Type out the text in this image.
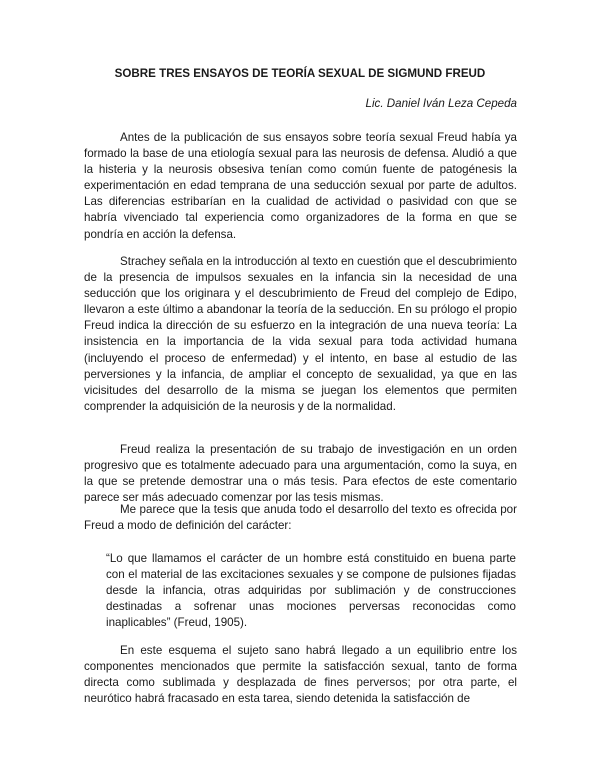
SOBRE TRES ENSAYOS DE TEORÍA SEXUAL DE SIGMUND FREUD

Lic. Daniel Iván Leza Cepeda

Antes de la publicación de sus ensayos sobre teoría sexual Freud había ya formado la base de una etiología sexual para las neurosis de defensa. Aludió a que la histeria y la neurosis obsesiva tenían como común fuente de patogénesis la experimentación en edad temprana de una seducción sexual por parte de adultos. Las diferencias estribarían en la cualidad de actividad o pasividad con que se habría vivenciado tal experiencia como organizadores de la forma en que se pondría en acción la defensa.

Strachey señala en la introducción al texto en cuestión que el descubrimiento de la presencia de impulsos sexuales en la infancia sin la necesidad de una seducción que los originara y el descubrimiento de Freud del complejo de Edipo, llevaron a este último a abandonar la teoría de la seducción. En su prólogo el propio Freud indica la dirección de su esfuerzo en la integración de una nueva teoría: La insistencia en la importancia de la vida sexual para toda actividad humana (incluyendo el proceso de enfermedad) y el intento, en base al estudio de las perversiones y la infancia, de ampliar el concepto de sexualidad, ya que en las vicisitudes del desarrollo de la misma se juegan los elementos que permiten comprender la adquisición de la neurosis y de la normalidad.

Freud realiza la presentación de su trabajo de investigación en un orden progresivo que es totalmente adecuado para una argumentación, como la suya, en la que se pretende demostrar una o más tesis. Para efectos de este comentario parece ser más adecuado comenzar por las tesis mismas.

Me parece que la tesis que anuda todo el desarrollo del texto es ofrecida por Freud a modo de definición del carácter:

“Lo que llamamos el carácter de un hombre está constituido en buena parte con el material de las excitaciones sexuales y se compone de pulsiones fijadas desde la infancia, otras adquiridas por sublimación y de construcciones destinadas a sofrenar unas mociones perversas reconocidas como inaplicables” (Freud, 1905).

En este esquema el sujeto sano habrá llegado a un equilibrio entre los componentes mencionados que permite la satisfacción sexual, tanto de forma directa como sublimada y desplazada de fines perversos; por otra parte, el neurótico habrá fracasado en esta tarea, siendo detenida la satisfacción de
